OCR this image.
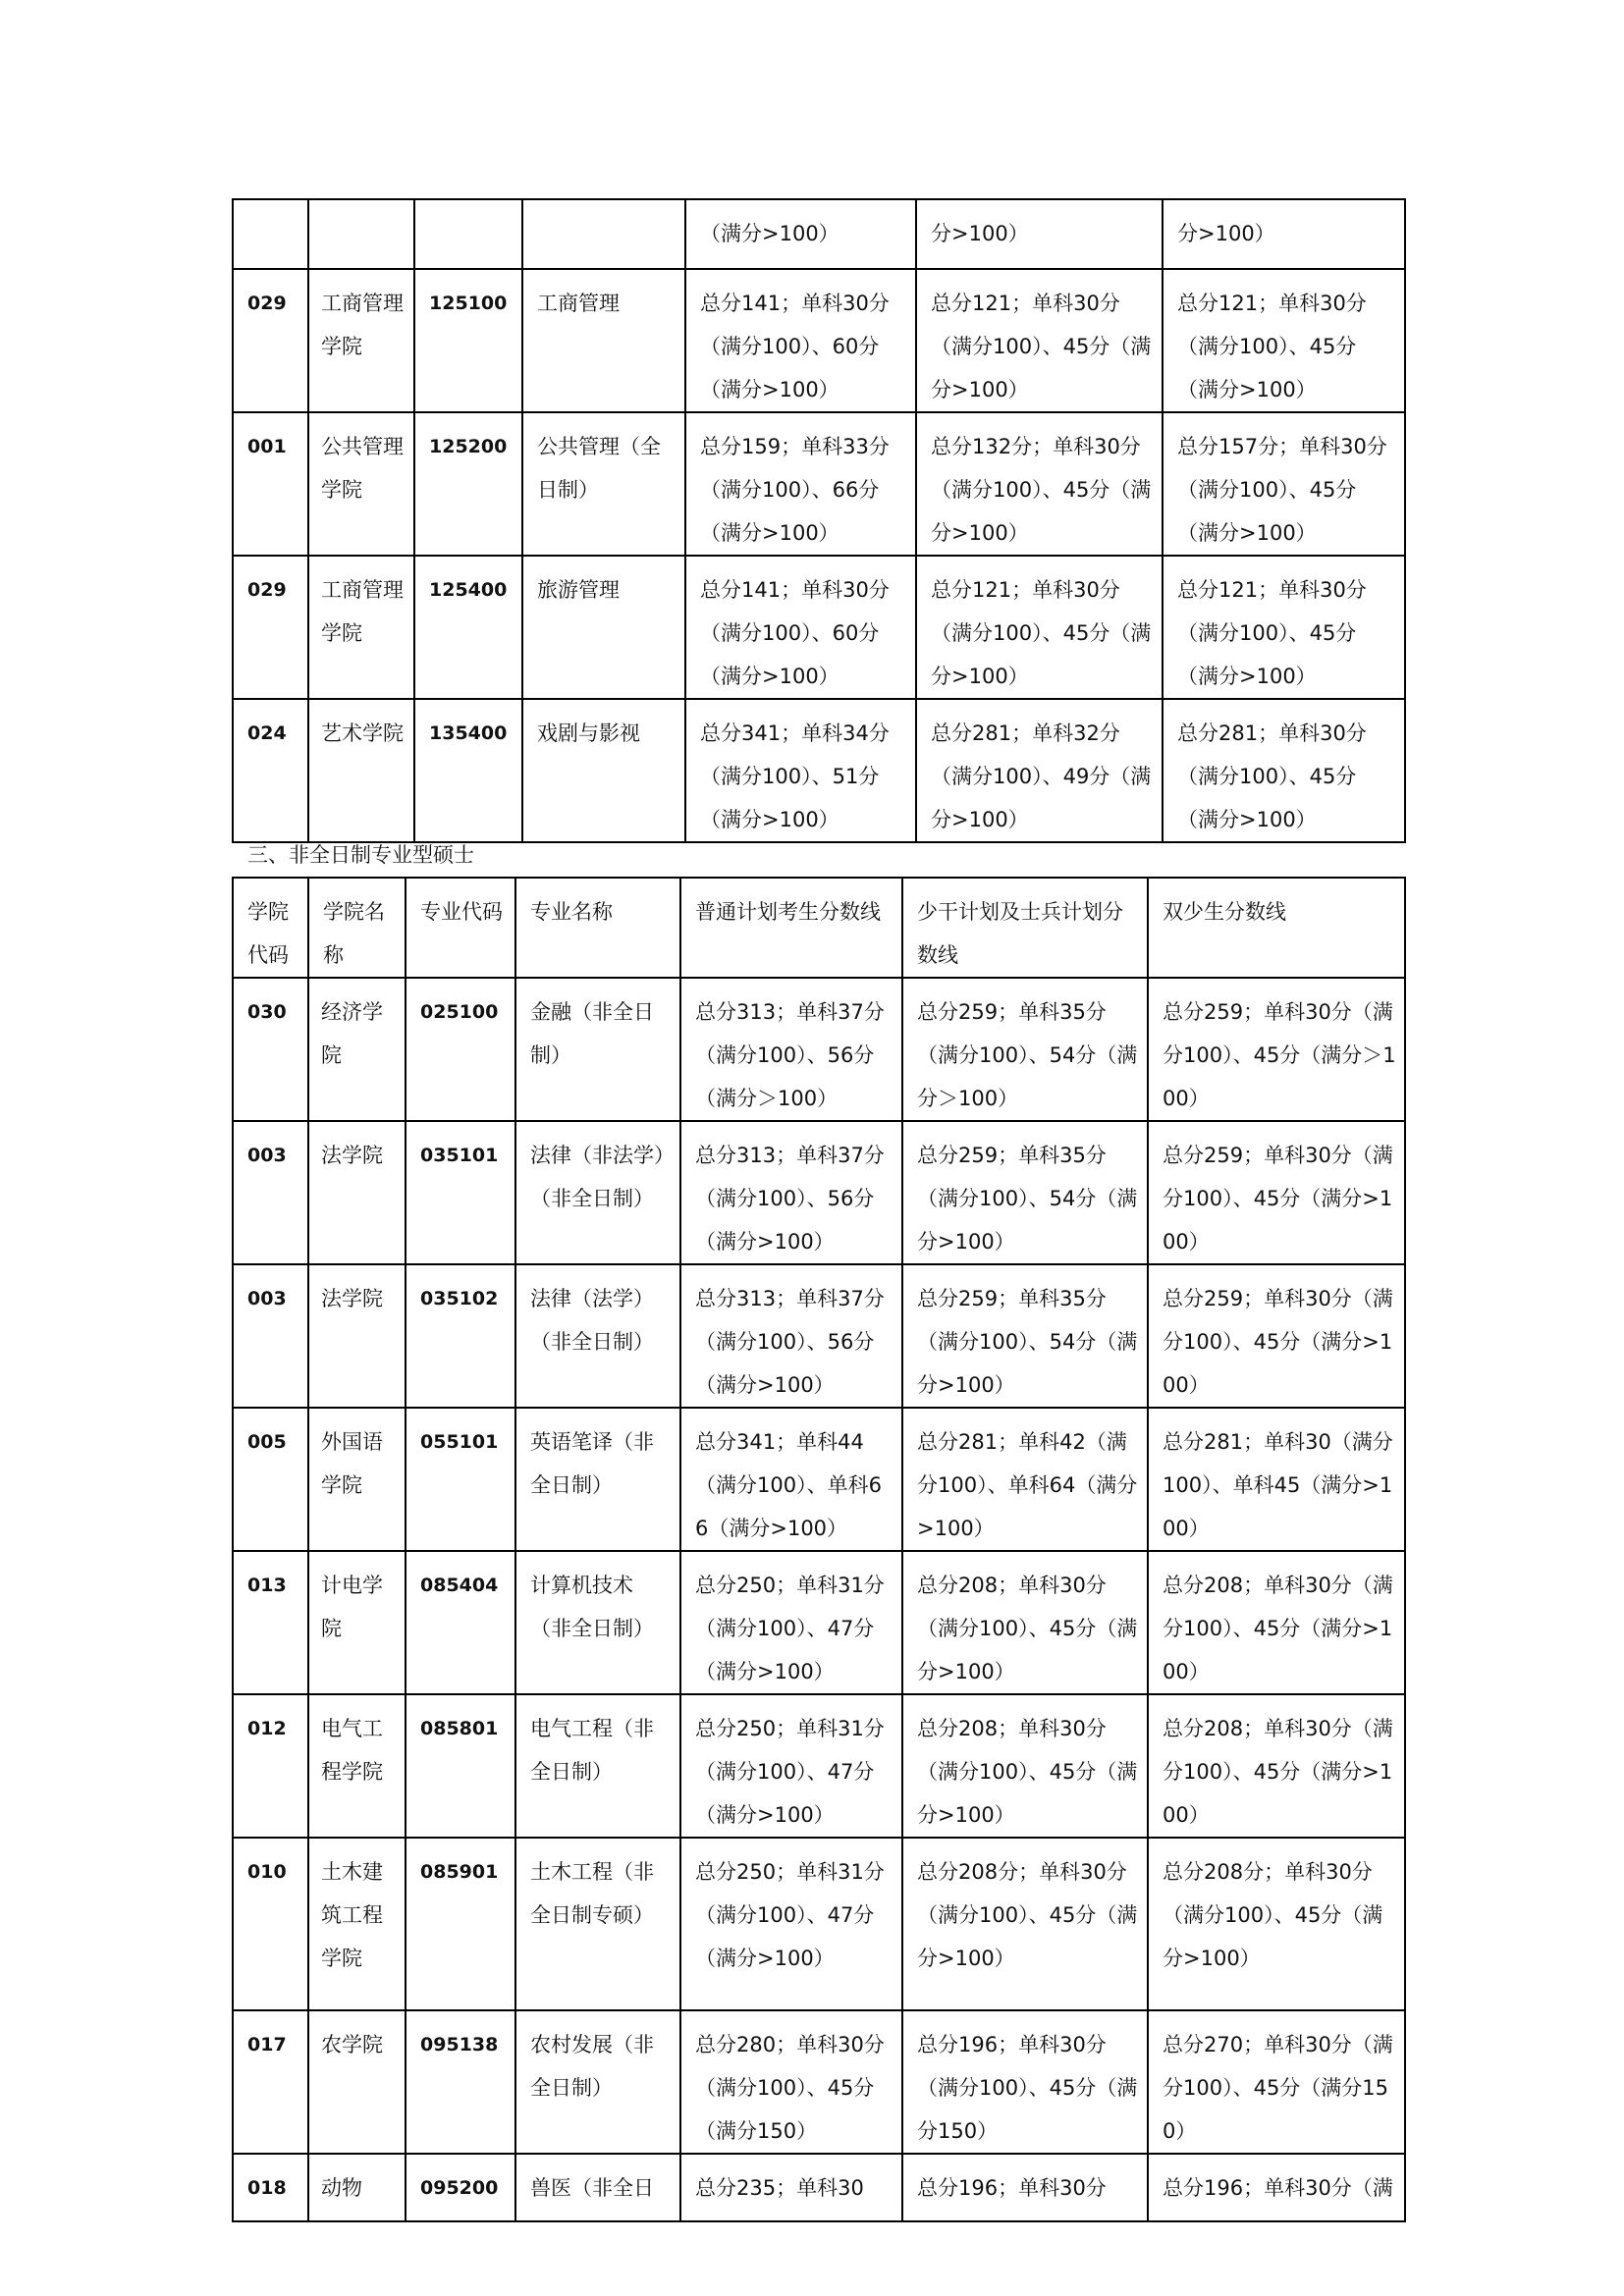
				（满分>100）	分>100）	分>100）
029	工商管理学院	125100	工商管理	总分141；单科30分（满分100）、60分（满分>100）	总分121；单科30分（满分100）、45分（满分>100）	总分121；单科30分（满分100）、45分（满分>100）
001	公共管理学院	125200	公共管理（全日制）	总分159；单科33分（满分100）、66分（满分>100）	总分132分；单科30分（满分100）、45分（满分>100）	总分157分；单科30分（满分100）、45分（满分>100）
029	工商管理学院	125400	旅游管理	总分141；单科30分（满分100）、60分（满分>100）	总分121；单科30分（满分100）、45分（满分>100）	总分121；单科30分（满分100）、45分（满分>100）
024	艺术学院	135400	戏剧与影视	总分341；单科34分（满分100）、51分（满分>100）	总分281；单科32分（满分100）、49分（满分>100）	总分281；单科30分（满分100）、45分（满分>100）
三、非全日制专业型硕士
学院代码	学院名称	专业代码	专业名称	普通计划考生分数线	少干计划及士兵计划分数线	双少生分数线
030	经济学院	025100	金融（非全日制）	总分313；单科37分（满分100）、56分（满分＞100）	总分259；单科35分（满分100）、54分（满分＞100）	总分259；单科30分（满分100）、45分（满分＞100）
003	法学院	035101	法律（非法学）（非全日制）	总分313；单科37分（满分100）、56分（满分>100）	总分259；单科35分（满分100）、54分（满分>100）	总分259；单科30分（满分100）、45分（满分>100）
003	法学院	035102	法律（法学）（非全日制）	总分313；单科37分（满分100）、56分（满分>100）	总分259；单科35分（满分100）、54分（满分>100）	总分259；单科30分（满分100）、45分（满分>100）
005	外国语学院	055101	英语笔译（非全日制）	总分341；单科44（满分100）、单科66（满分>100）	总分281；单科42（满分100）、单科64（满分>100）	总分281；单科30（满分100）、单科45（满分>100）
013	计电学院	085404	计算机技术（非全日制）	总分250；单科31分（满分100）、47分（满分>100）	总分208；单科30分（满分100）、45分（满分>100）	总分208；单科30分（满分100）、45分（满分>100）
012	电气工程学院	085801	电气工程（非全日制）	总分250；单科31分（满分100）、47分（满分>100）	总分208；单科30分（满分100）、45分（满分>100）	总分208；单科30分（满分100）、45分（满分>100）
010	土木建筑工程学院	085901	土木工程（非全日制专硕）	总分250；单科31分（满分100）、47分（满分>100）	总分208分；单科30分（满分100）、45分（满分>100）	总分208分；单科30分（满分100）、45分（满分>100）
017	农学院	095138	农村发展（非全日制）	总分280；单科30分（满分100）、45分（满分150）	总分196；单科30分（满分100）、45分（满分150）	总分270；单科30分（满分100）、45分（满分150）
018	动物	095200	兽医（非全日	总分235；单科30	总分196；单科30分	总分196；单科30分（满
